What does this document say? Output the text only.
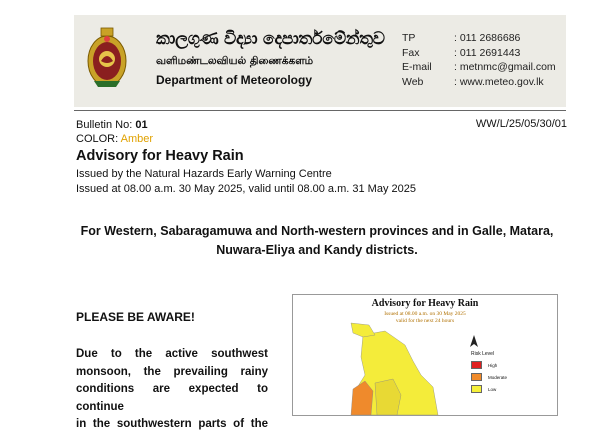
කාලගුණ විද්‍යා දෙපාර්තමේන්තුව
வளிமண்டலவியல் திணைக்களம்
Department of Meteorology
TP	: 011 2686686
Fax	: 011 2691443
E-mail	: metnmc@gmail.com
Web	: www.meteo.gov.lk
Bulletin No: 01
COLOR: Amber
WW/L/25/05/30/01
Advisory for Heavy Rain
Issued by the Natural Hazards Early Warning Centre
Issued at 08.00 a.m. 30 May 2025, valid until 08.00 a.m. 31 May 2025
For Western, Sabaragamuwa and North-western provinces and in Galle, Matara, Nuwara-Eliya and Kandy districts.
PLEASE BE AWARE!
Due to the active southwest
monsoon, the prevailing rainy
conditions are expected to continue
in the southwestern parts of the
Advisory for Heavy Rain
Issued at 08.00 a.m. on 30 May 2025
valid for the next 24 hours
Risk Level
High
Moderate
Low
